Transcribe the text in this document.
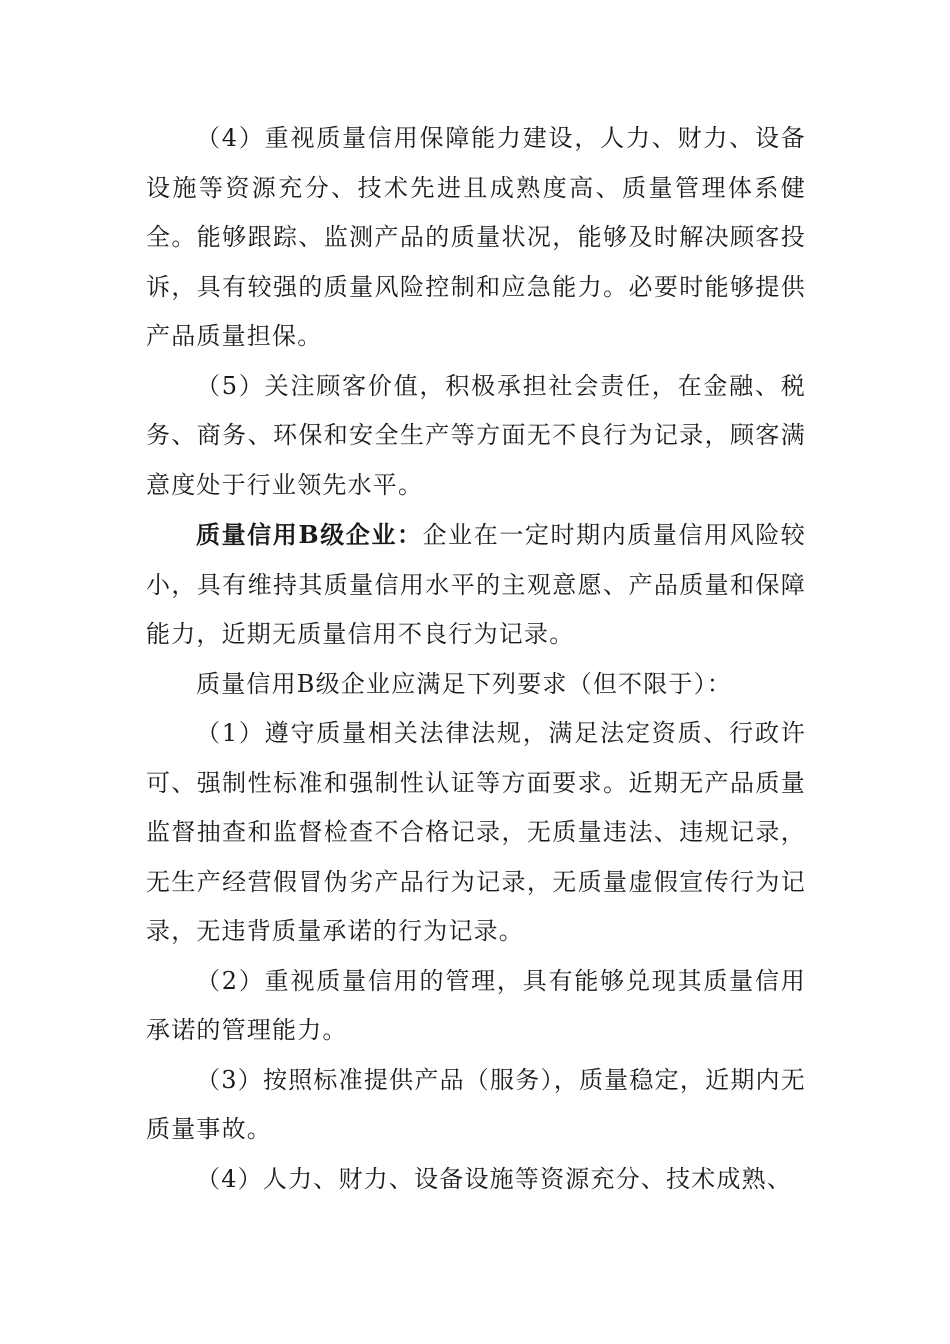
（4）重视质量信用保障能力建设，人力、财力、设备设施等资源充分、技术先进且成熟度高、质量管理体系健全。能够跟踪、监测产品的质量状况，能够及时解决顾客投诉，具有较强的质量风险控制和应急能力。必要时能够提供产品质量担保。

（5）关注顾客价值，积极承担社会责任，在金融、税务、商务、环保和安全生产等方面无不良行为记录，顾客满意度处于行业领先水平。

质量信用B级企业：企业在一定时期内质量信用风险较小，具有维持其质量信用水平的主观意愿、产品质量和保障能力，近期无质量信用不良行为记录。

质量信用B级企业应满足下列要求（但不限于）：

（1）遵守质量相关法律法规，满足法定资质、行政许可、强制性标准和强制性认证等方面要求。近期无产品质量监督抽查和监督检查不合格记录，无质量违法、违规记录，无生产经营假冒伪劣产品行为记录，无质量虚假宣传行为记录，无违背质量承诺的行为记录。

（2）重视质量信用的管理，具有能够兑现其质量信用承诺的管理能力。

（3）按照标准提供产品（服务），质量稳定，近期内无质量事故。

（4）人力、财力、设备设施等资源充分、技术成熟、
